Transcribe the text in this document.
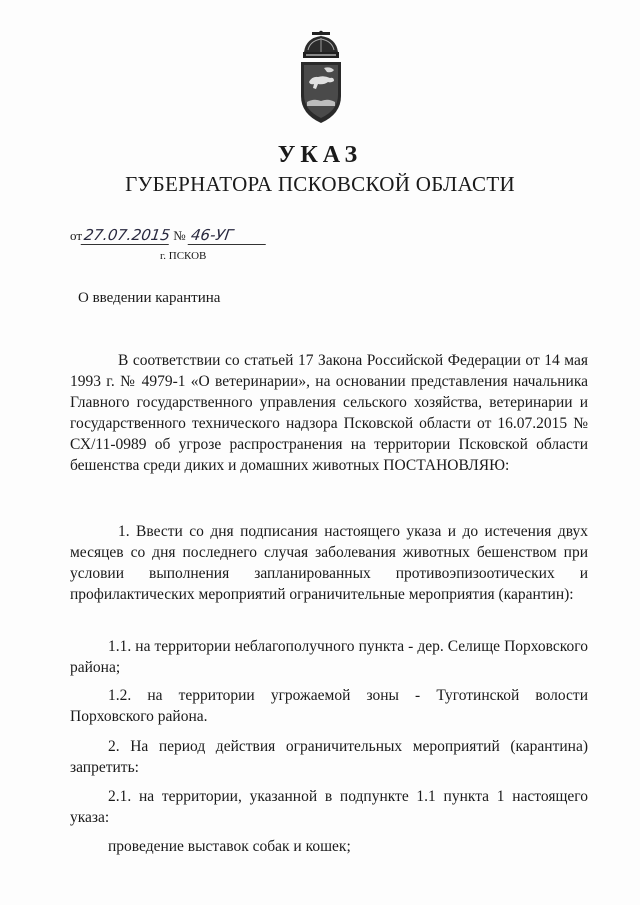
УКАЗ
ГУБЕРНАТОРА ПСКОВСКОЙ ОБЛАСТИ
от27.07.2015 № 46-УГ
г. ПСКОВ
О введении карантина
В соответствии со статьей 17 Закона Российской Федерации от 14 мая 1993 г. № 4979-1 «О ветеринарии», на основании представления начальника Главного государственного управления сельского хозяйства, ветеринарии и государственного технического надзора Псковской области от 16.07.2015 № СХ/11-0989 об угрозе распространения на территории Псковской области бешенства среди диких и домашних животных ПОСТАНОВЛЯЮ:
1. Ввести со дня подписания настоящего указа и до истечения двух месяцев со дня последнего случая заболевания животных бешенством при условии выполнения запланированных противоэпизоотических и профилактических мероприятий ограничительные мероприятия (карантин):
1.1. на территории неблагополучного пункта - дер. Селище Порховского района;
1.2. на территории угрожаемой зоны - Туготинской волости Порховского района.
2. На период действия ограничительных мероприятий (карантина) запретить:
2.1. на территории, указанной в подпункте 1.1 пункта 1 настоящего указа:
проведение выставок собак и кошек;
